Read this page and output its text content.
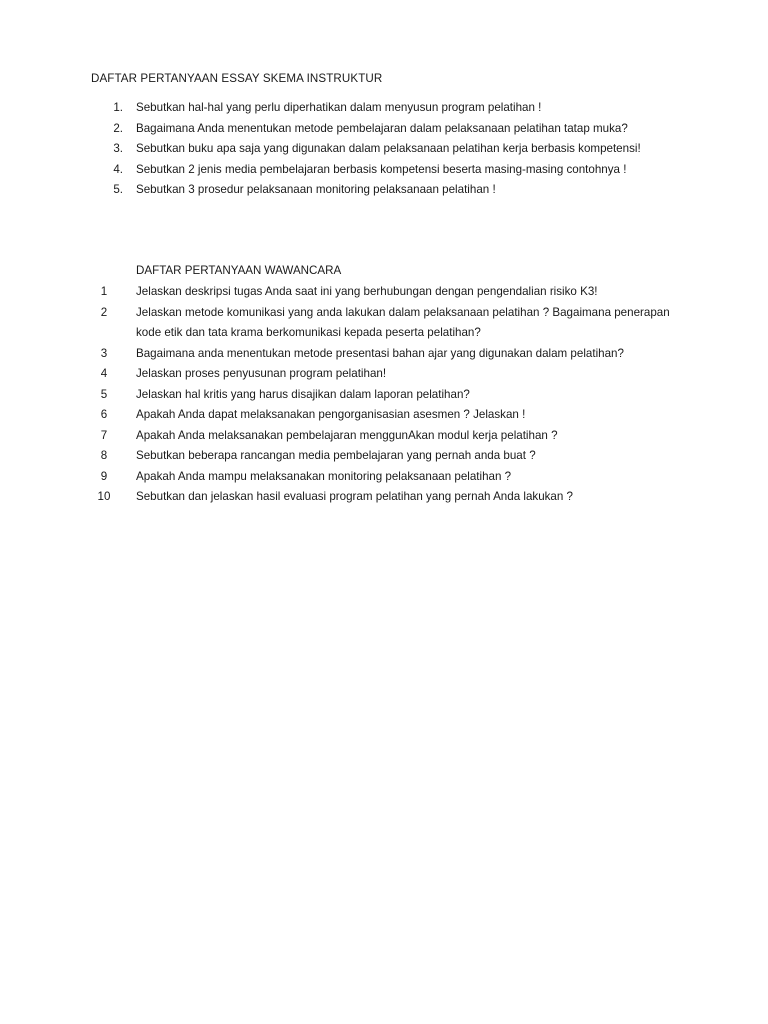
DAFTAR PERTANYAAN ESSAY SKEMA INSTRUKTUR
1. Sebutkan hal-hal yang perlu diperhatikan dalam menyusun program pelatihan !
2. Bagaimana Anda menentukan metode pembelajaran dalam pelaksanaan pelatihan tatap muka?
3. Sebutkan buku apa saja yang digunakan dalam pelaksanaan pelatihan kerja berbasis kompetensi!
4. Sebutkan 2 jenis media pembelajaran berbasis kompetensi beserta masing-masing contohnya !
5. Sebutkan 3 prosedur pelaksanaan monitoring pelaksanaan pelatihan !
DAFTAR PERTANYAAN WAWANCARA
1	Jelaskan deskripsi tugas Anda saat ini yang berhubungan dengan pengendalian risiko K3!
2	Jelaskan metode komunikasi yang anda lakukan dalam pelaksanaan pelatihan ? Bagaimana penerapan kode etik dan tata krama berkomunikasi kepada peserta pelatihan?
3	Bagaimana anda menentukan metode presentasi bahan ajar yang digunakan dalam pelatihan?
4	Jelaskan proses penyusunan program pelatihan!
5	Jelaskan hal kritis yang harus disajikan dalam laporan pelatihan?
6	Apakah Anda dapat melaksanakan pengorganisasian asesmen ? Jelaskan !
7	Apakah Anda melaksanakan pembelajaran menggunAkan modul kerja pelatihan ?
8	Sebutkan beberapa rancangan media pembelajaran yang pernah anda buat ?
9	Apakah Anda mampu melaksanakan monitoring pelaksanaan pelatihan ?
10	Sebutkan dan jelaskan hasil evaluasi program pelatihan yang pernah Anda lakukan ?
